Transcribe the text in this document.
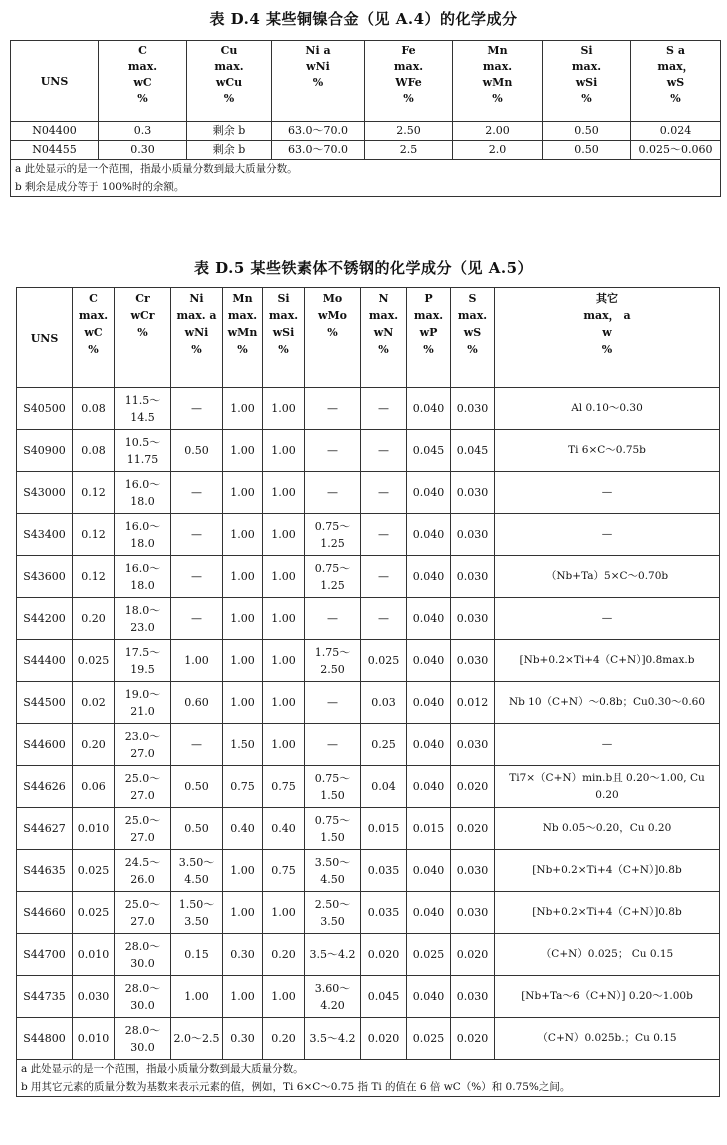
表 D.4 某些铜镍合金（见 A.4）的化学成分
UNS	C
max.
wC
%	Cu
max.
wCu
%	Ni a
wNi
%	Fe
max.
WFe
%	Mn
max.
wMn
%	Si
max.
wSi
%	S a
max，
wS
%

N04400	0.3	剩余 b	63.0～70.0	2.50	2.00	0.50	0.024
N04455	0.30	剩余 b	63.0～70.0	2.5	2.0	0.50	0.025～0.060
a 此处显示的是一个范围，指最小质量分数到最大质量分数。							
b 剩余是成分等于 100%时的余额。							
表 D.5 某些铁素体不锈钢的化学成分（见 A.5）
UNS	C
max.
wC
%	Cr
wCr
%	Ni
max. a
wNi
%	Mn
max.
wMn
%	Si
max.
wSi
%	Mo
wMo
%	N
max.
wN
%	P
max.
wP
%	S
max.
wS
%	其它
max， a
w
%

S40500	0.08	11.5～ 14.5	—	1.00	1.00	—	—	0.040	0.030	Al 0.10～0.30
S40900	0.08	10.5～ 11.75	0.50	1.00	1.00	—	—	0.045	0.045	Ti 6×C～0.75b
S43000	0.12	16.0～ 18.0	—	1.00	1.00	—	—	0.040	0.030	—
S43400	0.12	16.0～ 18.0	—	1.00	1.00	0.75～ 1.25	—	0.040	0.030	—
S43600	0.12	16.0～ 18.0	—	1.00	1.00	0.75～ 1.25	—	0.040	0.030	（Nb+Ta）5×C～0.70b
S44200	0.20	18.0～ 23.0	—	1.00	1.00	—	—	0.040	0.030	—
S44400	0.025	17.5～ 19.5	1.00	1.00	1.00	1.75～ 2.50	0.025	0.040	0.030	[Nb+0.2×Ti+4（C+N）]0.8max.b
S44500	0.02	19.0～ 21.0	0.60	1.00	1.00	—	0.03	0.040	0.012	Nb 10（C+N）～0.8b；Cu0.30～0.60
S44600	0.20	23.0～ 27.0	—	1.50	1.00	—	0.25	0.040	0.030	—
S44626	0.06	25.0～ 27.0	0.50	0.75	0.75	0.75～ 1.50	0.04	0.040	0.020	Ti7×（C+N）min.b且 0.20～1.00, Cu 0.20
S44627	0.010	25.0～ 27.0	0.50	0.40	0.40	0.75～ 1.50	0.015	0.015	0.020	Nb 0.05～0.20，Cu 0.20
S44635	0.025	24.5～ 26.0	3.50～ 4.50	1.00	0.75	3.50～ 4.50	0.035	0.040	0.030	[Nb+0.2×Ti+4（C+N）]0.8b
S44660	0.025	25.0～ 27.0	1.50～ 3.50	1.00	1.00	2.50～ 3.50	0.035	0.040	0.030	[Nb+0.2×Ti+4（C+N）]0.8b
S44700	0.010	28.0～ 30.0	0.15	0.30	0.20	3.5～4.2	0.020	0.025	0.020	（C+N）0.025； Cu 0.15
S44735	0.030	28.0～ 30.0	1.00	1.00	1.00	3.60～ 4.20	0.045	0.040	0.030	[Nb+Ta～6（C+N）] 0.20～1.00b
S44800	0.010	28.0～ 30.0	2.0～2.5	0.30	0.20	3.5～4.2	0.020	0.025	0.020	（C+N）0.025b.；Cu 0.15
a 此处显示的是一个范围，指最小质量分数到最大质量分数。										
b 用其它元素的质量分数为基数来表示元素的值，例如，Ti 6×C～0.75 指 Ti 的值在 6 倍 wC（%）和 0.75%之间。										
